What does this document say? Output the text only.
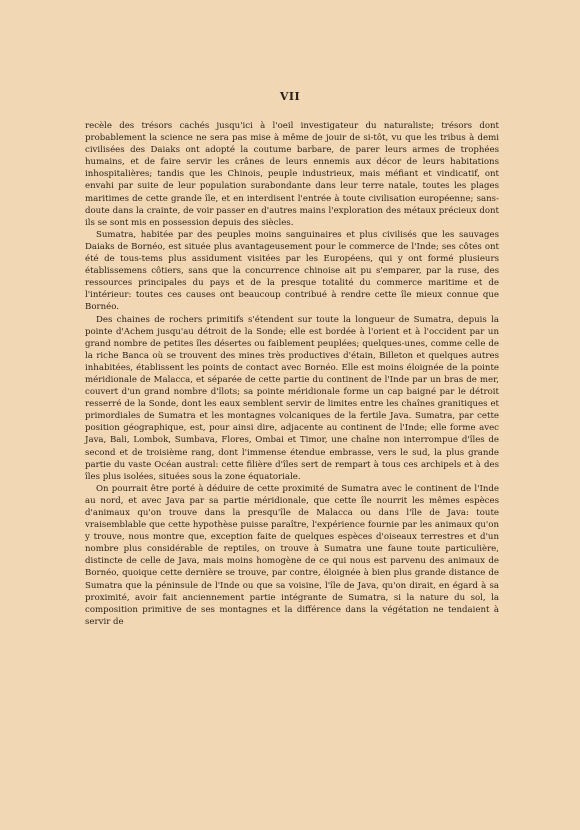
VII

recèle des trésors cachés jusqu'ici à l'oeil investigateur du naturaliste; trésors dont probablement la science ne sera pas mise à même de jouir de si-tôt, vu que les tribus à demi civilisées des Daiaks ont adopté la coutume barbare, de parer leurs armes de trophées humains, et de faire servir les crânes de leurs ennemis aux décor de leurs habitations inhospitalières; tandis que les Chinois, peuple industrieux, mais méfiant et vindicatif, ont envahi par suite de leur population surabondante dans leur terre natale, toutes les plages maritimes de cette grande île, et en interdisent l'entrée à toute civilisation européenne; sans-doute dans la crainte, de voir passer en d'autres mains l'exploration des métaux précieux dont ils se sont mis en possession depuis des siècles.

Sumatra, habitée par des peuples moins sanguinaires et plus civilisés que les sauvages Daiaks de Bornéo, est située plus avantageusement pour le commerce de l'Inde; ses côtes ont été de tous-tems plus assidument visitées par les Européens, qui y ont formé plusieurs établissemens côtiers, sans que la concurrence chinoise ait pu s'emparer, par la ruse, des ressources principales du pays et de la presque totalité du commerce maritime et de l'intérieur: toutes ces causes ont beaucoup contribué à rendre cette île mieux connue que Bornéo.

Des chaines de rochers primitifs s'étendent sur toute la longueur de Sumatra, depuis la pointe d'Achem jusqu'au détroit de la Sonde; elle est bordée à l'orient et à l'occident par un grand nombre de petites îles désertes ou faiblement peuplées; quelques-unes, comme celle de la riche Banca où se trouvent des mines très productives d'étain, Billeton et quelques autres inhabitées, établissent les points de contact avec Bornéo. Elle est moins éloignée de la pointe méridionale de Malacca, et séparée de cette partie du continent de l'Inde par un bras de mer, couvert d'un grand nombre d'îlots; sa pointe méridionale forme un cap baigné par le détroit resserré de la Sonde, dont les eaux semblent servir de limites entre les chaînes granitiques et primordiales de Sumatra et les montagnes volcaniques de la fertile Java. Sumatra, par cette position géographique, est, pour ainsi dire, adjacente au continent de l'Inde; elle forme avec Java, Bali, Lombok, Sumbava, Flores, Ombai et Timor, une chaîne non interrompue d'îles de second et de troisième rang, dont l'immense étendue embrasse, vers le sud, la plus grande partie du vaste Océan austral: cette filière d'îles sert de rempart à tous ces archipels et à des îles plus isolées, situées sous la zone équatoriale.

On pourrait être porté à déduire de cette proximité de Sumatra avec le continent de l'Inde au nord, et avec Java par sa partie méridionale, que cette île nourrit les mêmes espèces d'animaux qu'on trouve dans la presqu'île de Malacca ou dans l'île de Java: toute vraisemblable que cette hypothèse puisse paraître, l'expérience fournie par les animaux qu'on y trouve, nous montre que, exception faite de quelques espèces d'oiseaux terrestres et d'un nombre plus considérable de reptiles, on trouve à Sumatra une faune toute particulière, distincte de celle de Java, mais moins homogène de ce qui nous est parvenu des animaux de Bornéo, quoique cette dernière se trouve, par contre, éloignée à bien plus grande distance de Sumatra que la péninsule de l'Inde ou que sa voisine, l'île de Java, qu'on dirait, en égard à sa proximité, avoir fait anciennement partie intégrante de Sumatra, si la nature du sol, la composition primitive de ses montagnes et la différence dans la végétation ne tendaient à servir de
